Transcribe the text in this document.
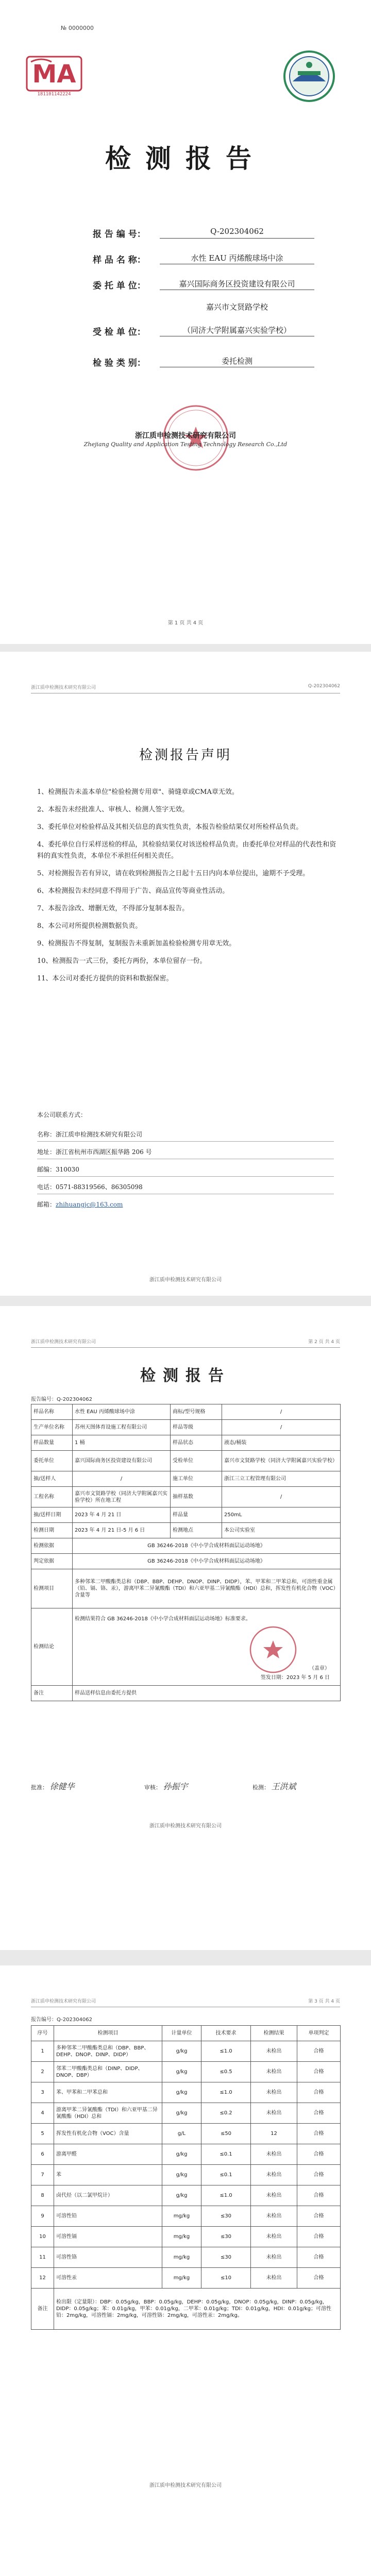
№ 0000000
MA
181101142224
检测报告
报 告 编 号：	Q-202304062
样 品 名 称：	水性 EAU 丙烯酸球场中涂
委 托 单 位：	嘉兴国际商务区投资建设有限公司
嘉兴市文贤路学校
受 检 单 位：	（同济大学附属嘉兴实验学校）
检 验 类 别：	委托检测
浙江质申检测技术研究有限公司
Zhejiang Quality and Application Testing Technology Research Co.,Ltd
第 1 页 共 4 页
浙江质申检测技术研究有限公司	Q-202304062
检测报告声明
1、检测报告未盖本单位"检验检测专用章"、骑缝章或CMA章无效。
2、本报告未经批准人、审核人、检测人签字无效。
3、委托单位对检验样品及其相关信息的真实性负责，本报告检验结果仅对所检样品负责。
4、委托单位自行采样送检的样品，其检验结果仅对该送检样品负责。由委托单位对样品的代表性和资料的真实性负责，本单位不承担任何相关责任。
5、对检测报告若有异议，请在收到检测报告之日起十五日内向本单位提出，逾期不予受理。
6、本检测报告未经同意不得用于广告、商品宣传等商业性活动。
7、本报告涂改、增删无效，不得部分复制本报告。
8、本公司对所提供检测数据负责。
9、检测报告不得复制，复制报告未重新加盖检验检测专用章无效。
10、检测报告一式三份，委托方两份，本单位留存一份。
11、本公司对委托方提供的资料和数据保密。
本公司联系方式：
名称：浙江质申检测技术研究有限公司
地址：浙江省杭州市西湖区振华路 206 号
邮编：310030
电话：0571-88319566、86305098
邮箱：zhihuangjc@163.com
浙江质申检测技术研究有限公司
浙江质申检测技术研究有限公司	第 2 页 共 4 页
检测报告
报告编号：Q-202304062
样品名称	水性 EAU 丙烯酸球场中涂	商标/型号规格	/
生产单位名称	苏州天图体育设施工程有限公司	样品等级	/
样品数量	1 桶	样品状态	液态/桶装
委托单位	嘉兴国际商务区投资建设有限公司	受检单位	嘉兴市文贤路学校（同济大学附属嘉兴实验学校）
抽/送样人	/	施工单位	浙江三立工程管理有限公司
工程名称	嘉兴市文贤路学校（同济大学附属嘉兴实验学校）所在地工程	抽样基数	/
抽/送样日期	2023 年 4 月 21 日	样品量	250mL
检测日期	2023 年 4 月 21 日-5 月 6 日	检测地点	本公司实验室
检测依据	GB 36246-2018《中小学合成材料面层运动场地》		
判定依据	GB 36246-2018《中小学合成材料面层运动场地》		
检测项目	多种邻苯二甲酸酯类总和（DBP、BBP、DEHP、DNOP、DINP、DIDP），苯、甲苯和二甲苯总和，可溶性重金属（铅、镉、铬、汞），游离甲苯二异氰酸酯（TDI）和六亚甲基二异氰酸酯（HDI）总和，挥发性有机化合物（VOC）含量等		
检测结论	检测结果符合 GB 36246-2018《中小学合成材料面层运动场地》标准要求。
（盖章）
签发日期：2023 年 5 月 6 日		

备注	样品送样信息由委托方提供		
批准： 徐健华	审核： 孙振宇	检测： 王洪斌
浙江质申检测技术研究有限公司
浙江质申检测技术研究有限公司	第 3 页 共 4 页
报告编号：Q-202304062
序号	检测项目	计量单位	技术要求	检测结果	单项判定
1	多种邻苯二甲酸酯类总和（DBP、BBP、DEHP、DNOP、DINP、DIDP）	g/kg	≤1.0	未检出	合格
2	邻苯二甲酸酯类总和（DINP、DIDP、DNOP、DBP）	g/kg	≤0.5	未检出	合格
3	苯、甲苯和二甲苯总和	g/kg	≤1.0	未检出	合格
4	游离甲苯二异氰酸酯（TDI）和六亚甲基二异氰酸酯（HDI）总和	g/kg	≤0.2	未检出	合格
5	挥发性有机化合物（VOC）含量	g/L	≤50	12	合格
6	游离甲醛	g/kg	≤0.1	未检出	合格
7	苯	g/kg	≤0.1	未检出	合格
8	卤代烃（以二氯甲烷计）	g/kg	≤1.0	未检出	合格
9	可溶性铅	mg/kg	≤30	未检出	合格
10	可溶性镉	mg/kg	≤30	未检出	合格
11	可溶性铬	mg/kg	≤30	未检出	合格
12	可溶性汞	mg/kg	≤10	未检出	合格
备注	检出限（定量限）：DBP：0.05g/kg，BBP：0.05g/kg，DEHP：0.05g/kg，DNOP：0.05g/kg，DINP：0.05g/kg，DIDP：0.05g/kg；苯：0.01g/kg，甲苯：0.01g/kg，二甲苯：0.01g/kg；TDI：0.01g/kg，HDI：0.01g/kg；可溶性铅：2mg/kg，可溶性镉：2mg/kg，可溶性铬：2mg/kg，可溶性汞：2mg/kg。				
浙江质申检测技术研究有限公司
